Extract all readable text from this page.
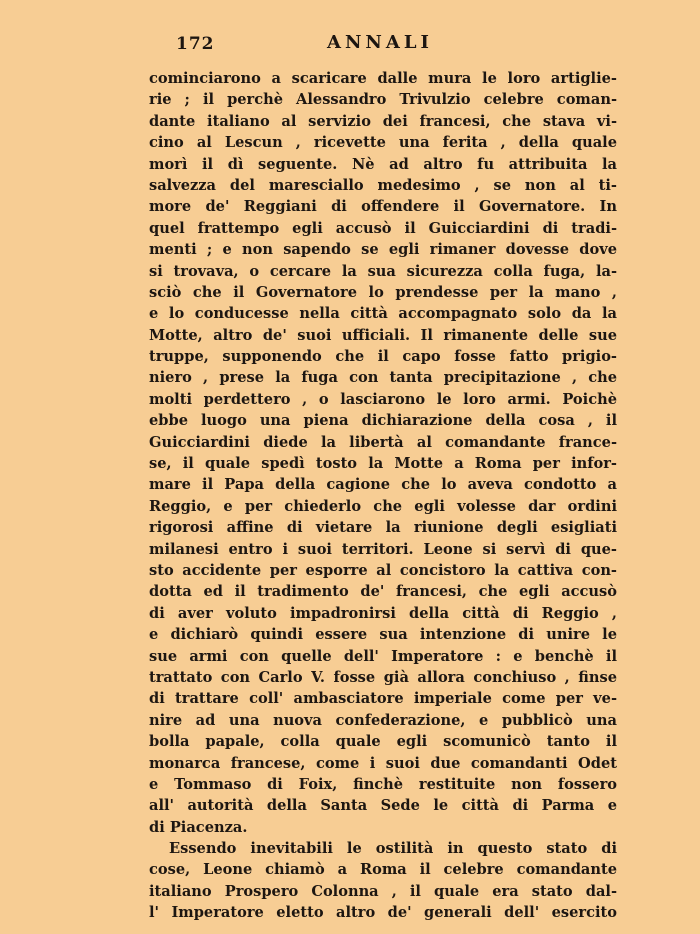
172	ANNALI
cominciarono a scaricare dalle mura le loro artiglie-
rie ; il perchè Alessandro Trivulzio celebre coman-
dante italiano al servizio dei francesi, che stava vi-
cino al Lescun , ricevette una ferita , della quale
morì il dì seguente. Nè ad altro fu attribuita la
salvezza del maresciallo medesimo , se non al ti-
more de' Reggiani di offendere il Governatore. In
quel frattempo egli accusò il Guicciardini di tradi-
menti ; e non sapendo se egli rimaner dovesse dove
si trovava, o cercare la sua sicurezza colla fuga, la-
sciò che il Governatore lo prendesse per la mano ,
e lo conducesse nella città accompagnato solo da la
Motte, altro de' suoi ufficiali. Il rimanente delle sue
truppe, supponendo che il capo fosse fatto prigio-
niero , prese la fuga con tanta precipitazione , che
molti perdettero , o lasciarono le loro armi. Poichè
ebbe luogo una piena dichiarazione della cosa , il
Guicciardini diede la libertà al comandante france-
se, il quale spedì tosto la Motte a Roma per infor-
mare il Papa della cagione che lo aveva condotto a
Reggio, e per chiederlo che egli volesse dar ordini
rigorosi affine di vietare la riunione degli esigliati
milanesi entro i suoi territori. Leone si servì di que-
sto accidente per esporre al concistoro la cattiva con-
dotta ed il tradimento de' francesi, che egli accusò
di aver voluto impadronirsi della città di Reggio ,
e dichiarò quindi essere sua intenzione di unire le
sue armi con quelle dell' Imperatore : e benchè il
trattato con Carlo V. fosse già allora conchiuso , finse
di trattare coll' ambasciatore imperiale come per ve-
nire ad una nuova confederazione, e pubblicò una
bolla papale, colla quale egli scomunicò tanto il
monarca francese, come i suoi due comandanti Odet
e Tommaso di Foix, finchè restituite non fossero
all' autorità della Santa Sede le città di Parma e
di Piacenza.
Essendo inevitabili le ostilità in questo stato di
cose, Leone chiamò a Roma il celebre comandante
italiano Prospero Colonna , il quale era stato dal-
l' Imperatore eletto altro de' generali dell' esercito
